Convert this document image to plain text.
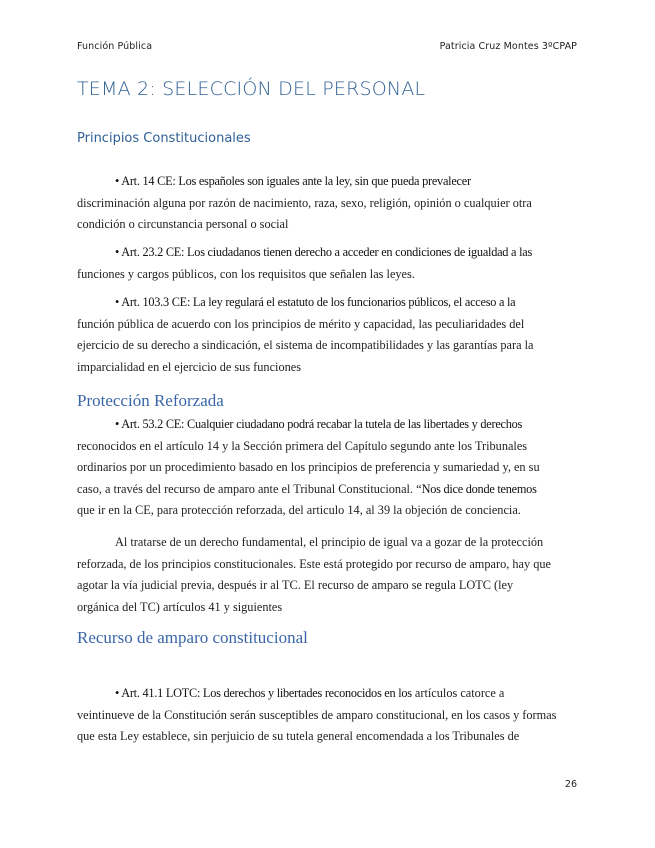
Función Pública	Patricia Cruz Montes 3ºCPAP
TEMA 2: SELECCIÓN DEL PERSONAL
Principios Constitucionales
• Art. 14 CE: Los españoles son iguales ante la ley, sin que pueda prevalecer
discriminación alguna por razón de nacimiento, raza, sexo, religión, opinión o cualquier otra
condición o circunstancia personal o social
• Art. 23.2 CE: Los ciudadanos tienen derecho a acceder en condiciones de igualdad a las
funciones y cargos públicos, con los requisitos que señalen las leyes.
• Art. 103.3 CE: La ley regulará el estatuto de los funcionarios públicos, el acceso a la
función pública de acuerdo con los principios de mérito y capacidad, las peculiaridades del
ejercicio de su derecho a sindicación, el sistema de incompatibilidades y las garantías para la
imparcialidad en el ejercicio de sus funciones
Protección Reforzada
• Art. 53.2 CE: Cualquier ciudadano podrá recabar la tutela de las libertades y derechos
reconocidos en el artículo 14 y la Sección primera del Capítulo segundo ante los Tribunales
ordinarios por un procedimiento basado en los principios de preferencia y sumariedad y, en su
caso, a través del recurso de amparo ante el Tribunal Constitucional. “Nos dice donde tenemos
que ir en la CE, para protección reforzada, del articulo 14, al 39 la objeción de conciencia.
Al tratarse de un derecho fundamental, el principio de igual va a gozar de la protección
reforzada, de los principios constitucionales. Este está protegido por recurso de amparo, hay que
agotar la vía judicial previa, después ir al TC. El recurso de amparo se regula LOTC (ley
orgánica del TC) artículos 41 y siguientes
Recurso de amparo constitucional
• Art. 41.1 LOTC: Los derechos y libertades reconocidos en los artículos catorce a
veintinueve de la Constitución serán susceptibles de amparo constitucional, en los casos y formas
que esta Ley establece, sin perjuicio de su tutela general encomendada a los Tribunales de
26
